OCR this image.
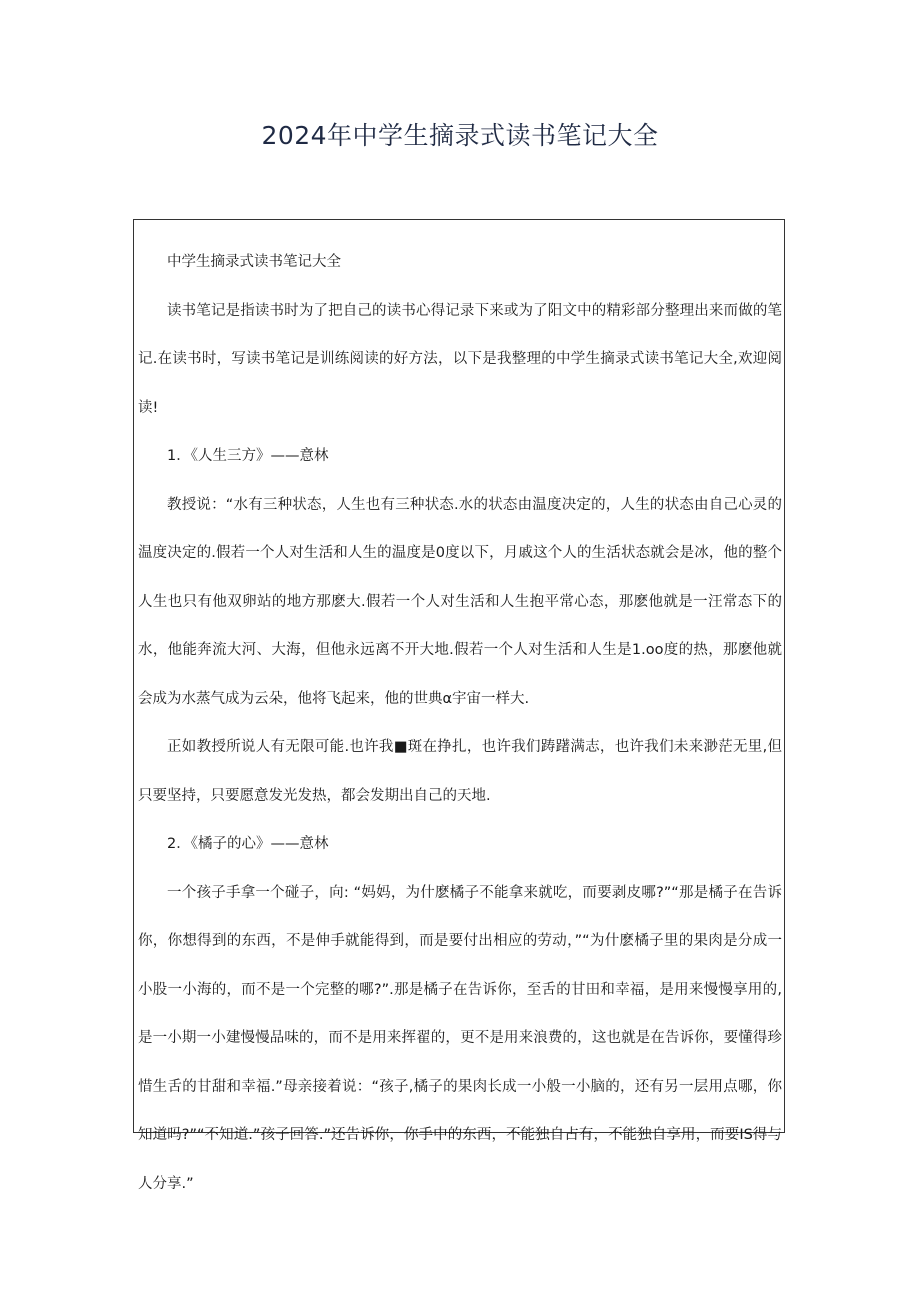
2024年中学生摘录式读书笔记大全

中学生摘录式读书笔记大全

读书笔记是指读书时为了把自己的读书心得记录下来或为了阳文中的精彩部分整理出来而做的笔记.在读书时，写读书笔记是训练阅读的好方法，以下是我整理的中学生摘录式读书笔记大全,欢迎阅读!

1．《人生三方》——意林

教授说：“水有三种状态，人生也有三种状态.水的状态由温度决定的，人生的状态由自己心灵的温度决定的.假若一个人对生活和人生的温度是0度以下，月戚这个人的生活状态就会是冰，他的整个人生也只有他双卵站的地方那麽大.假若一个人对生活和人生抱平常心态，那麽他就是一汪常态下的水，他能奔流大河、大海，但他永远离不开大地.假若一个人对生活和人生是1.oo度的热，那麽他就会成为水蒸气成为云朵，他将飞起来，他的世典α宇宙一样大.

正如教授所说人有无限可能.也许我■斑在挣扎，也许我们踌躇满志，也许我们未来渺茫无里,但只要坚持，只要愿意发光发热，都会发期出自己的天地.

2．《橘子的心》——意林

一个孩子手拿一个碰子，向: “妈妈，为什麽橘子不能拿来就吃，而要剥皮哪?”“那是橘子在告诉你，你想得到的东西，不是伸手就能得到，而是要付出相应的劳动，”“为什麽橘子里的果肉是分成一小股一小海的，而不是一个完整的哪?”.那是橘子在告诉你，至舌的甘田和幸福，是用来慢慢享用的,是一小期一小建慢慢品味的，而不是用来挥翟的，更不是用来浪费的，这也就是在告诉你，要懂得珍惜生舌的甘甜和幸福.”母亲接着说：“孩子,橘子的果肉长成一小般一小脑的，还有另一层用点哪，你知道吗?”“不知道.”孩子回答.”还告诉你，你手中的东西，不能独自占有，不能独自享用，而要IS得与人分享.”
